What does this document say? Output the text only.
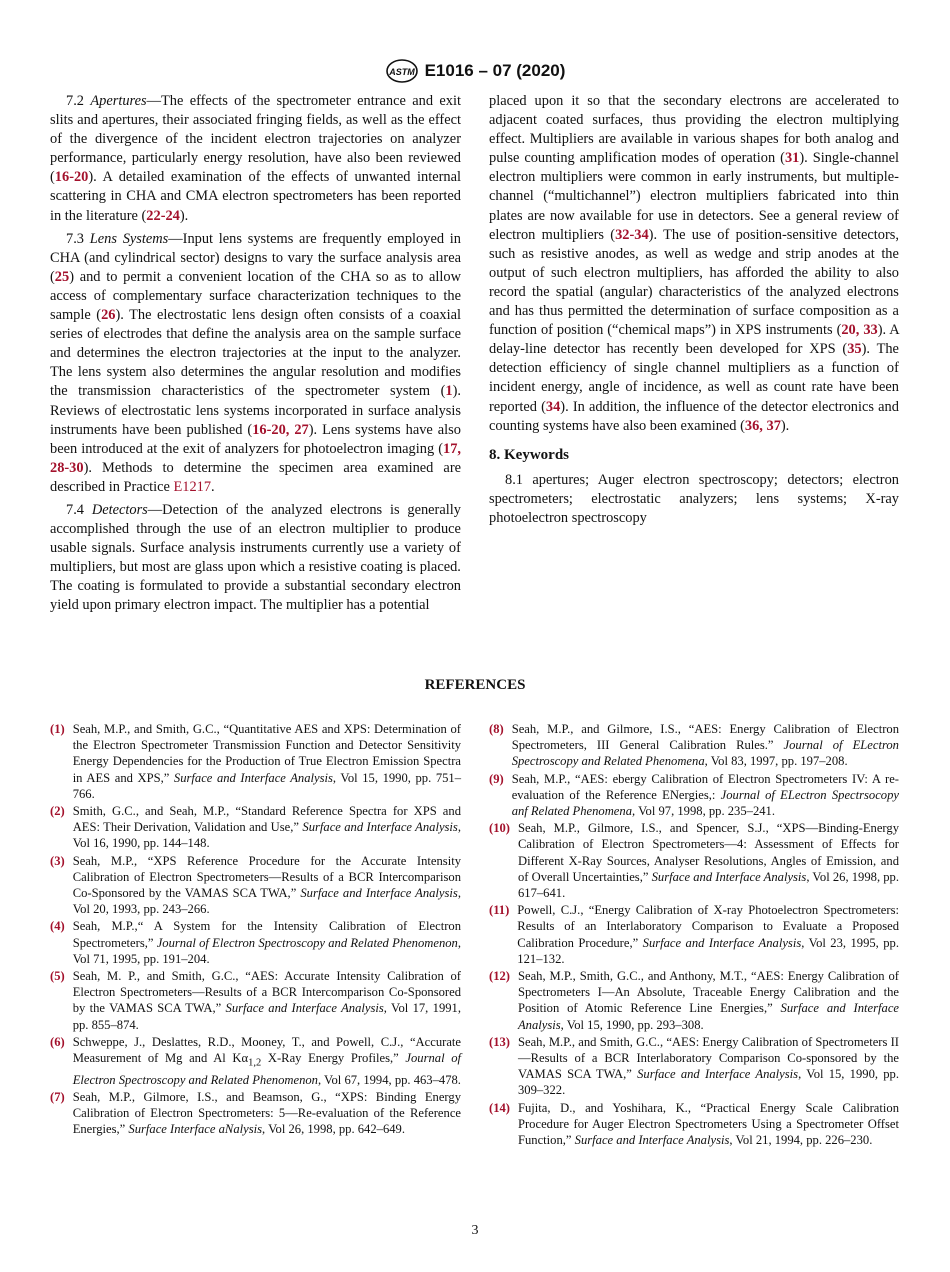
ASTM E1016 – 07 (2020)

7.2 Apertures—The effects of the spectrometer entrance and exit slits and apertures, their associated fringing fields, as well as the effect of the divergence of the incident electron trajectories on analyzer performance, particularly energy resolution, have also been reviewed (16-20). A detailed examination of the effects of unwanted internal scattering in CHA and CMA electron spectrometers has been reported in the literature (22-24).

7.3 Lens Systems—Input lens systems are frequently employed in CHA (and cylindrical sector) designs to vary the surface analysis area (25) and to permit a convenient location of the CHA so as to allow access of complementary surface characterization techniques to the sample (26). The electrostatic lens design often consists of a coaxial series of electrodes that define the analysis area on the sample surface and determines the electron trajectories at the input to the analyzer. The lens system also determines the angular resolution and modifies the transmission characteristics of the spectrometer system (1). Reviews of electrostatic lens systems incorporated in surface analysis instruments have been published (16-20, 27). Lens systems have also been introduced at the exit of analyzers for photoelectron imaging (17, 28-30). Methods to determine the specimen area examined are described in Practice E1217.

7.4 Detectors—Detection of the analyzed electrons is generally accomplished through the use of an electron multiplier to produce usable signals. Surface analysis instruments currently use a variety of multipliers, but most are glass upon which a resistive coating is placed. The coating is formulated to provide a substantial secondary electron yield upon primary electron impact. The multiplier has a potential

placed upon it so that the secondary electrons are accelerated to adjacent coated surfaces, thus providing the electron multiplying effect. Multipliers are available in various shapes for both analog and pulse counting amplification modes of operation (31). Single-channel electron multipliers were common in early instruments, but multiple-channel (“multichannel”) electron multipliers fabricated into thin plates are now available for use in detectors. See a general review of electron multipliers (32-34). The use of position-sensitive detectors, such as resistive anodes, as well as wedge and strip anodes at the output of such electron multipliers, has afforded the ability to also record the spatial (angular) characteristics of the analyzed electrons and has thus permitted the determination of surface composition as a function of position (“chemical maps”) in XPS instruments (20, 33). A delay-line detector has recently been developed for XPS (35). The detection efficiency of single channel multipliers as a function of incident energy, angle of incidence, as well as count rate have been reported (34). In addition, the influence of the detector electronics and counting systems have also been examined (36, 37).

8. Keywords

8.1 apertures; Auger electron spectroscopy; detectors; electron spectrometers; electrostatic analyzers; lens systems; X-ray photoelectron spectroscopy

REFERENCES
(1) Seah, M.P., and Smith, G.C., “Quantitative AES and XPS: Determination of the Electron Spectrometer Transmission Function and Detector Sensitivity Energy Dependencies for the Production of True Electron Emission Spectra in AES and XPS,” Surface and Interface Analysis, Vol 15, 1990, pp. 751–766.
(2) Smith, G.C., and Seah, M.P., “Standard Reference Spectra for XPS and AES: Their Derivation, Validation and Use,” Surface and Interface Analysis, Vol 16, 1990, pp. 144–148.
(3) Seah, M.P., “XPS Reference Procedure for the Accurate Intensity Calibration of Electron Spectrometers—Results of a BCR Intercomparison Co-Sponsored by the VAMAS SCA TWA,” Surface and Interface Analysis, Vol 20, 1993, pp. 243–266.
(4) Seah, M.P.,“ A System for the Intensity Calibration of Electron Spectrometers,” Journal of Electron Spectroscopy and Related Phenomenon, Vol 71, 1995, pp. 191–204.
(5) Seah, M. P., and Smith, G.C., “AES: Accurate Intensity Calibration of Electron Spectrometers—Results of a BCR Intercomparison Co-Sponsored by the VAMAS SCA TWA,” Surface and Interface Analysis, Vol 17, 1991, pp. 855–874.
(6) Schweppe, J., Deslattes, R.D., Mooney, T., and Powell, C.J., “Accurate Measurement of Mg and Al $K\alpha_{1,2}$ X-Ray Energy Profiles,” Journal of Electron Spectroscopy and Related Phenomenon, Vol 67, 1994, pp. 463–478.
(7) Seah, M.P., Gilmore, I.S., and Beamson, G., “XPS: Binding Energy Calibration of Electron Spectrometers: 5—Re-evaluation of the Reference Energies,” Surface Interface aNalysis, Vol 26, 1998, pp. 642–649.
(8) Seah, M.P., and Gilmore, I.S., “AES: Energy Calibration of Electron Spectrometers, III General Calibration Rules.” Journal of ELectron Spectroscopy and Related Phenomena, Vol 83, 1997, pp. 197–208.
(9) Seah, M.P., “AES: ebergy Calibration of Electron Spectrometers IV: A re-evaluation of the Reference ENergies,: Journal of ELectron Spectrsocopy anf Related Phenomena, Vol 97, 1998, pp. 235–241.
(10) Seah, M.P., Gilmore, I.S., and Spencer, S.J., “XPS—Binding-Energy Calibration of Electron Spectrometers—4: Assessment of Effects for Different X-Ray Sources, Analyser Resolutions, Angles of Emission, and of Overall Uncertainties,” Surface and Interface Analysis, Vol 26, 1998, pp. 617–641.
(11) Powell, C.J., “Energy Calibration of X-ray Photoelectron Spectrometers: Results of an Interlaboratory Comparison to Evaluate a Proposed Calibration Procedure,” Surface and Interface Analysis, Vol 23, 1995, pp. 121–132.
(12) Seah, M.P., Smith, G.C., and Anthony, M.T., “AES: Energy Calibration of Spectrometers I—An Absolute, Traceable Energy Calibration and the Position of Atomic Reference Line Energies,” Surface and Interface Analysis, Vol 15, 1990, pp. 293–308.
(13) Seah, M.P., and Smith, G.C., “AES: Energy Calibration of Spectrometers II—Results of a BCR Interlaboratory Comparison Co-sponsored by the VAMAS SCA TWA,” Surface and Interface Analysis, Vol 15, 1990, pp. 309–322.
(14) Fujita, D., and Yoshihara, K., “Practical Energy Scale Calibration Procedure for Auger Electron Spectrometers Using a Spectrometer Offset Function,” Surface and Interface Analysis, Vol 21, 1994, pp. 226–230.
3
